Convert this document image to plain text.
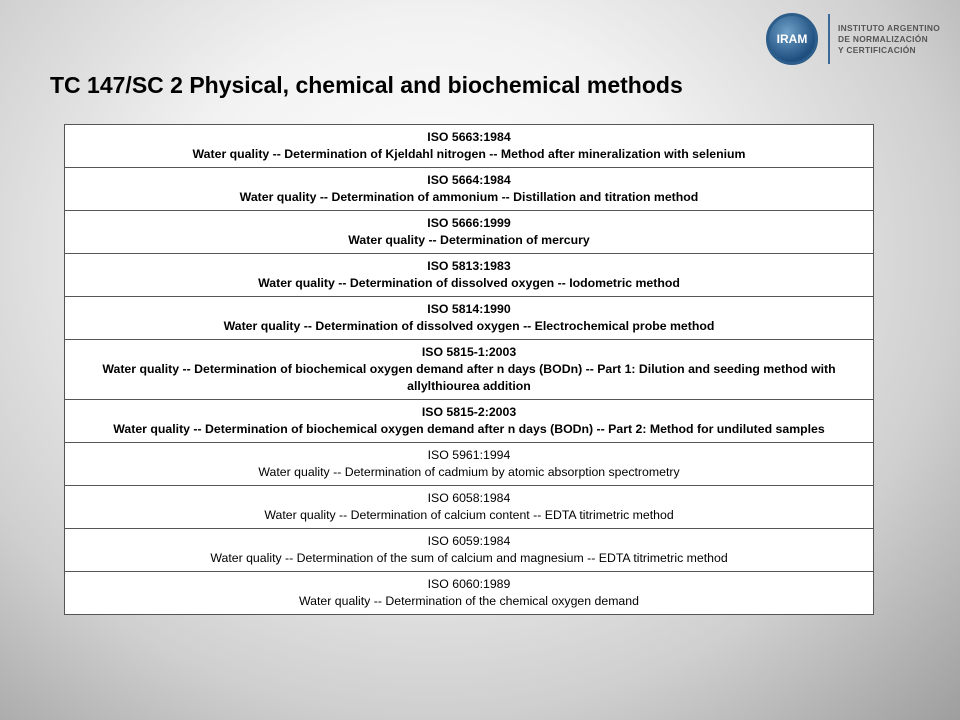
IRAM
INSTITUTO ARGENTINO
DE NORMALIZACIÓN
Y CERTIFICACIÓN
TC 147/SC 2 Physical, chemical and biochemical methods
ISO 5663:1984
Water quality -- Determination of Kjeldahl nitrogen -- Method after mineralization with selenium

ISO 5664:1984
Water quality -- Determination of ammonium -- Distillation and titration method

ISO 5666:1999
Water quality -- Determination of mercury

ISO 5813:1983
Water quality -- Determination of dissolved oxygen -- Iodometric method

ISO 5814:1990
Water quality -- Determination of dissolved oxygen -- Electrochemical probe method

ISO 5815-1:2003
Water quality -- Determination of biochemical oxygen demand after n days (BODn) -- Part 1: Dilution and seeding method with allylthiourea addition

ISO 5815-2:2003
Water quality -- Determination of biochemical oxygen demand after n days (BODn) -- Part 2: Method for undiluted samples

ISO 5961:1994
Water quality -- Determination of cadmium by atomic absorption spectrometry

ISO 6058:1984
Water quality -- Determination of calcium content -- EDTA titrimetric method

ISO 6059:1984
Water quality -- Determination of the sum of calcium and magnesium -- EDTA titrimetric method

ISO 6060:1989
Water quality -- Determination of the chemical oxygen demand
